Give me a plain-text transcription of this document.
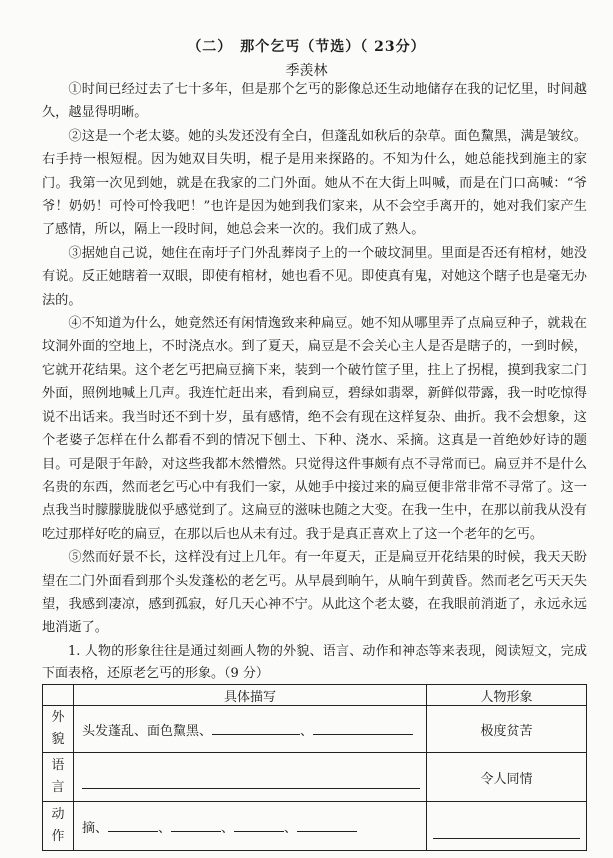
（二）　那个乞丐（节选）（ 23分）
季羡林

①时间已经过去了七十多年，但是那个乞丐的影像总还生动地储存在我的记忆里，时间越久，越显得明晰。

②这是一个老太婆。她的头发还没有全白，但蓬乱如秋后的杂草。面色黧黑，满是皱纹。右手持一根短棍。因为她双目失明，棍子是用来探路的。不知为什么，她总能找到施主的家门。我第一次见到她，就是在我家的二门外面。她从不在大街上叫喊，而是在门口高喊：“爷爷！奶奶！可怜可怜我吧！”也许是因为她到我们家来，从不会空手离开的，她对我们家产生了感情，所以，隔上一段时间，她总会来一次的。我们成了熟人。

③据她自己说，她住在南圩子门外乱葬岗子上的一个破坟洞里。里面是否还有棺材，她没有说。反正她瞎着一双眼，即使有棺材，她也看不见。即使真有鬼，对她这个瞎子也是毫无办法的。

④不知道为什么，她竟然还有闲情逸致来种扁豆。她不知从哪里弄了点扁豆种子，就栽在坟洞外面的空地上，不时浇点水。到了夏天，扁豆是不会关心主人是否是瞎子的，一到时候，它就开花结果。这个老乞丐把扁豆摘下来，装到一个破竹筐子里，拄上了拐棍，摸到我家二门外面，照例地喊上几声。我连忙赶出来，看到扁豆，碧绿如翡翠，新鲜似带露，我一时吃惊得说不出话来。我当时还不到十岁，虽有感情，绝不会有现在这样复杂、曲折。我不会想象，这个老婆子怎样在什么都看不到的情况下刨土、下种、浇水、采摘。这真是一首绝妙好诗的题目。可是限于年龄，对这些我都木然懵然。只觉得这件事颇有点不寻常而已。扁豆并不是什么名贵的东西，然而老乞丐心中有我们一家，从她手中接过来的扁豆便非常非常不寻常了。这一点我当时朦朦胧胧似乎感觉到了。这扁豆的滋味也随之大变。在我一生中，在那以前我从没有吃过那样好吃的扁豆，在那以后也从未有过。我于是真正喜欢上了这一个老年的乞丐。

⑤然而好景不长，这样没有过上几年。有一年夏天，正是扁豆开花结果的时候，我天天盼望在二门外面看到那个头发蓬松的老乞丐。从早晨到晌午，从晌午到黄昏。然而老乞丐天天失望，我感到凄凉，感到孤寂，好几天心神不宁。从此这个老太婆，在我眼前消逝了，永远永远地消逝了。

1. 人物的形象往往是通过刻画人物的外貌、语言、动作和神态等来表现，阅读短文，完成下面表格，还原老乞丐的形象。（9 分）

	具体描写	人物形象

外
貌	头发蓬乱、面色黧黑、 、	极度贫苦

语
言		令人同情

动
作	摘、 、 、 、	
